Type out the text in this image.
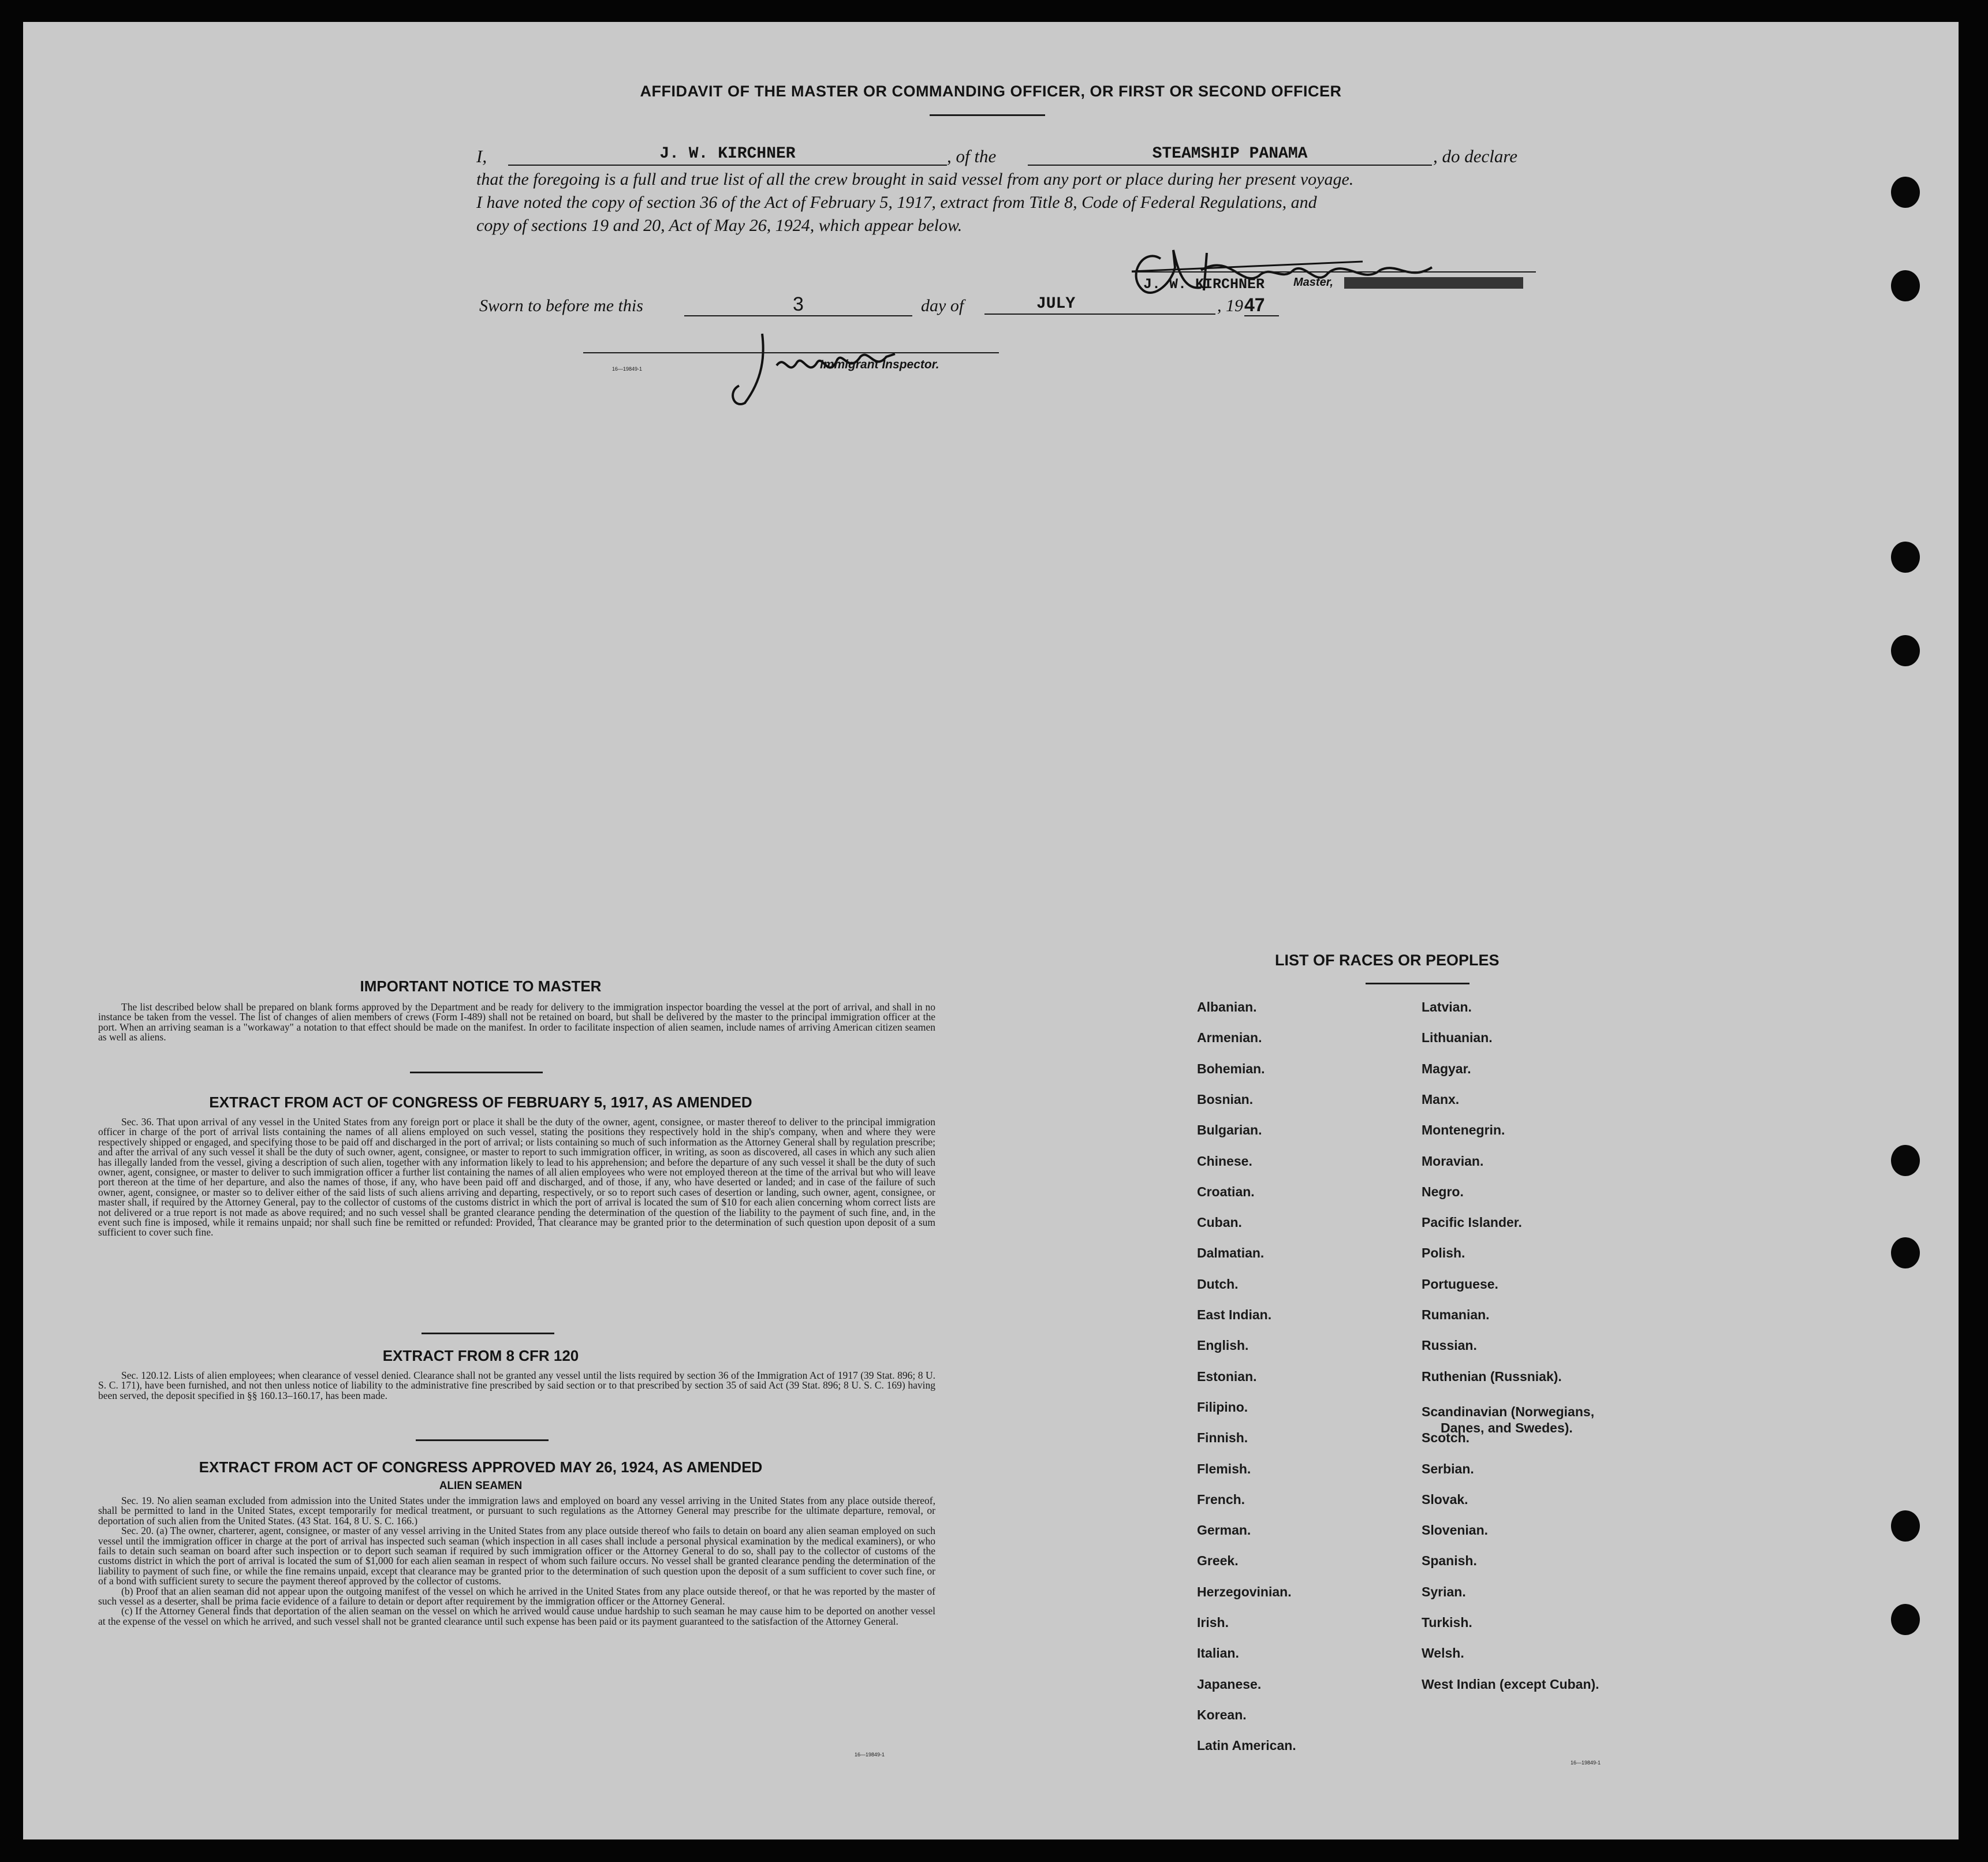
AFFIDAVIT OF THE MASTER OR COMMANDING OFFICER, OR FIRST OR SECOND OFFICER
I,	J. W. KIRCHNER	, of the	STEAMSHIP PANAMA	, do declare
that the foregoing is a full and true list of all the crew brought in said vessel from any port or place during her present voyage.
I have noted the copy of section 36 of the Act of February 5, 1917, extract from Title 8, Code of Federal Regulations, and
copy of sections 19 and 20, Act of May 26, 1924, which appear below.
J. W. KIRCHNER Master,
Sworn to before me this	3	day of	JULY	, 19 47
16—19849-1	Immigrant Inspector.
IMPORTANT NOTICE TO MASTER

The list described below shall be prepared on blank forms approved by the Department and be ready for delivery to the immigration inspector boarding the vessel at the port of arrival, and shall in no instance be taken from the vessel. The list of changes of alien members of crews (Form I-489) shall not be retained on board, but shall be delivered by the master to the principal immigration officer at the port. When an arriving seaman is a "workaway" a notation to that effect should be made on the manifest. In order to facilitate inspection of alien seamen, include names of arriving American citizen seamen as well as aliens.

EXTRACT FROM ACT OF CONGRESS OF FEBRUARY 5, 1917, AS AMENDED

Sec. 36. That upon arrival of any vessel in the United States from any foreign port or place it shall be the duty of the owner, agent, consignee, or master thereof to deliver to the principal immigration officer in charge of the port of arrival lists containing the names of all aliens employed on such vessel, stating the positions they respectively hold in the ship's company, when and where they were respectively shipped or engaged, and specifying those to be paid off and discharged in the port of arrival; or lists containing so much of such information as the Attorney General shall by regulation prescribe; and after the arrival of any such vessel it shall be the duty of such owner, agent, consignee, or master to report to such immigration officer, in writing, as soon as discovered, all cases in which any such alien has illegally landed from the vessel, giving a description of such alien, together with any information likely to lead to his apprehension; and before the departure of any such vessel it shall be the duty of such owner, agent, consignee, or master to deliver to such immigration officer a further list containing the names of all alien employees who were not employed thereon at the time of the arrival but who will leave port thereon at the time of her departure, and also the names of those, if any, who have been paid off and discharged, and of those, if any, who have deserted or landed; and in case of the failure of such owner, agent, consignee, or master so to deliver either of the said lists of such aliens arriving and departing, respectively, or so to report such cases of desertion or landing, such owner, agent, consignee, or master shall, if required by the Attorney General, pay to the collector of customs of the customs district in which the port of arrival is located the sum of $10 for each alien concerning whom correct lists are not delivered or a true report is not made as above required; and no such vessel shall be granted clearance pending the determination of the question of the liability to the payment of such fine, and, in the event such fine is imposed, while it remains unpaid; nor shall such fine be remitted or refunded: Provided, That clearance may be granted prior to the determination of such question upon deposit of a sum sufficient to cover such fine.

EXTRACT FROM 8 CFR 120

Sec. 120.12. Lists of alien employees; when clearance of vessel denied. Clearance shall not be granted any vessel until the lists required by section 36 of the Immigration Act of 1917 (39 Stat. 896; 8 U. S. C. 171), have been furnished, and not then unless notice of liability to the administrative fine prescribed by said section or to that prescribed by section 35 of said Act (39 Stat. 896; 8 U. S. C. 169) having been served, the deposit specified in §§ 160.13–160.17, has been made.

EXTRACT FROM ACT OF CONGRESS APPROVED MAY 26, 1924, AS AMENDED
ALIEN SEAMEN

Sec. 19. No alien seaman excluded from admission into the United States under the immigration laws and employed on board any vessel arriving in the United States from any place outside thereof, shall be permitted to land in the United States, except temporarily for medical treatment, or pursuant to such regulations as the Attorney General may prescribe for the ultimate departure, removal, or deportation of such alien from the United States. (43 Stat. 164, 8 U. S. C. 166.)

Sec. 20. (a) The owner, charterer, agent, consignee, or master of any vessel arriving in the United States from any place outside thereof who fails to detain on board any alien seaman employed on such vessel until the immigration officer in charge at the port of arrival has inspected such seaman (which inspection in all cases shall include a personal physical examination by the medical examiners), or who fails to detain such seaman on board after such inspection or to deport such seaman if required by such immigration officer or the Attorney General to do so, shall pay to the collector of customs of the customs district in which the port of arrival is located the sum of $1,000 for each alien seaman in respect of whom such failure occurs. No vessel shall be granted clearance pending the determination of the liability to payment of such fine, or while the fine remains unpaid, except that clearance may be granted prior to the determination of such question upon the deposit of a sum sufficient to cover such fine, or of a bond with sufficient surety to secure the payment thereof approved by the collector of customs.

(b) Proof that an alien seaman did not appear upon the outgoing manifest of the vessel on which he arrived in the United States from any place outside thereof, or that he was reported by the master of such vessel as a deserter, shall be prima facie evidence of a failure to detain or deport after requirement by the immigration officer or the Attorney General.

(c) If the Attorney General finds that deportation of the alien seaman on the vessel on which he arrived would cause undue hardship to such seaman he may cause him to be deported on another vessel at the expense of the vessel on which he arrived, and such vessel shall not be granted clearance until such expense has been paid or its payment guaranteed to the satisfaction of the Attorney General.

16—19849-1
LIST OF RACES OR PEOPLES
16—19849-1
Albanian.
Armenian.
Bohemian.
Bosnian.
Bulgarian.
Chinese.
Croatian.
Cuban.
Dalmatian.
Dutch.
East Indian.
English.
Estonian.
Filipino.
Finnish.
Flemish.
French.
German.
Greek.
Herzegovinian.
Irish.
Italian.
Japanese.
Korean.
Latin American.
Latvian.
Lithuanian.
Magyar.
Manx.
Montenegrin.
Moravian.
Negro.
Pacific Islander.
Polish.
Portuguese.
Rumanian.
Russian.
Ruthenian (Russniak).
Scandinavian (Norwegians,
Danes, and Swedes).
Scotch.
Serbian.
Slovak.
Slovenian.
Spanish.
Syrian.
Turkish.
Welsh.
West Indian (except Cuban).
